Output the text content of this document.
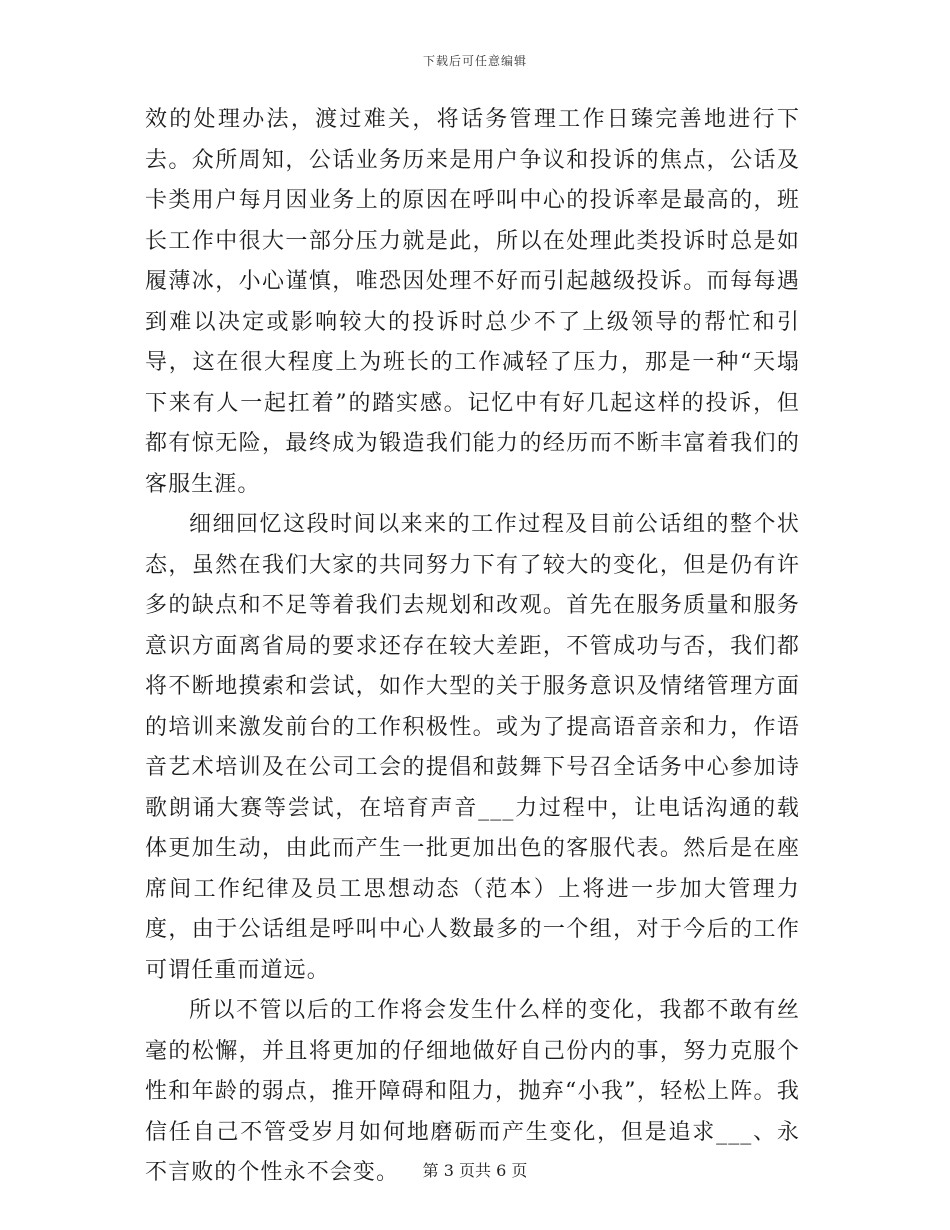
下载后可任意编辑

效的处理办法，渡过难关，将话务管理工作日臻完善地进行下去。众所周知，公话业务历来是用户争议和投诉的焦点，公话及卡类用户每月因业务上的原因在呼叫中心的投诉率是最高的，班长工作中很大一部分压力就是此，所以在处理此类投诉时总是如履薄冰，小心谨慎，唯恐因处理不好而引起越级投诉。而每每遇到难以决定或影响较大的投诉时总少不了上级领导的帮忙和引导，这在很大程度上为班长的工作减轻了压力，那是一种“天塌下来有人一起扛着”的踏实感。记忆中有好几起这样的投诉，但都有惊无险，最终成为锻造我们能力的经历而不断丰富着我们的客服生涯。

细细回忆这段时间以来来的工作过程及目前公话组的整个状态，虽然在我们大家的共同努力下有了较大的变化，但是仍有许多的缺点和不足等着我们去规划和改观。首先在服务质量和服务意识方面离省局的要求还存在较大差距，不管成功与否，我们都将不断地摸索和尝试，如作大型的关于服务意识及情绪管理方面的培训来激发前台的工作积极性。或为了提高语音亲和力，作语音艺术培训及在公司工会的提倡和鼓舞下号召全话务中心参加诗歌朗诵大赛等尝试，在培育声音___力过程中，让电话沟通的载体更加生动，由此而产生一批更加出色的客服代表。然后是在座席间工作纪律及员工思想动态（范本）上将进一步加大管理力度，由于公话组是呼叫中心人数最多的一个组，对于今后的工作可谓任重而道远。

所以不管以后的工作将会发生什么样的变化，我都不敢有丝毫的松懈，并且将更加的仔细地做好自己份内的事，努力克服个性和年龄的弱点，推开障碍和阻力，抛弃“小我”，轻松上阵。我信任自己不管受岁月如何地磨砺而产生变化，但是追求___、永不言败的个性永不会变。	第 3 页共 6 页
